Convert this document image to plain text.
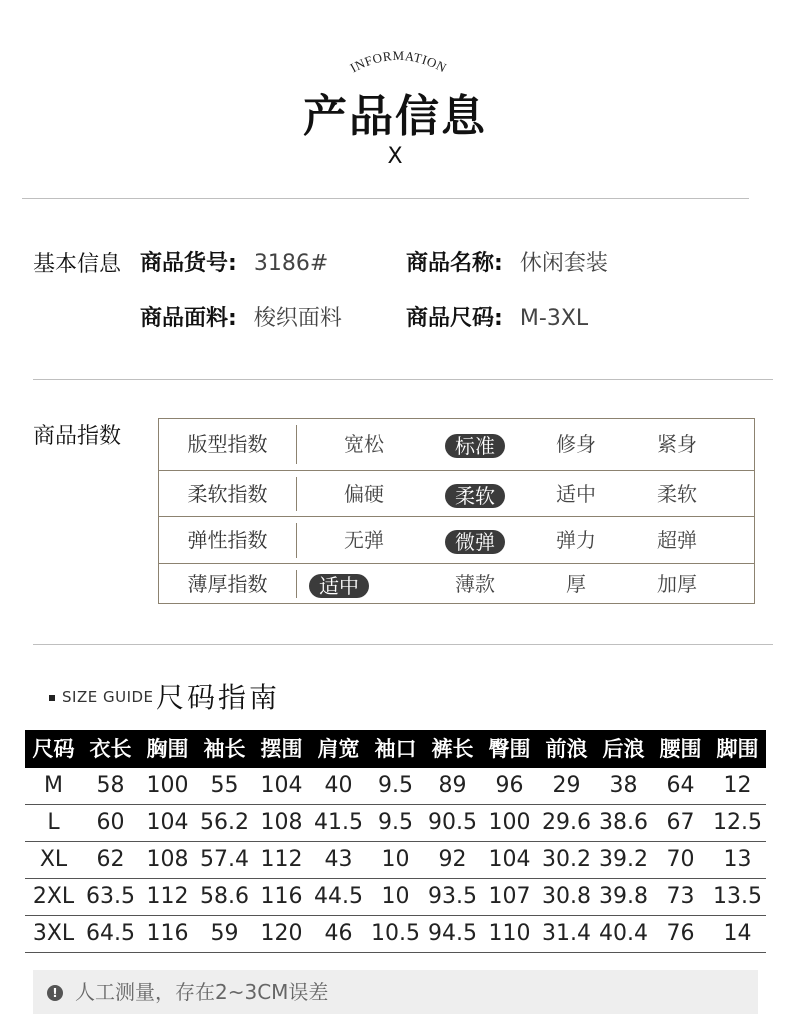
INFORMATION
产品信息
X
基本信息 商品货号: 3186#	商品名称: 休闲套装
商品面料: 梭织面料	商品尺码: M-3XL
商品指数	版型指数	宽松	标准	修身	紧身
柔软指数	偏硬	柔软	适中	柔软
弹性指数	无弹	微弹	弹力	超弹
薄厚指数	适中	薄款	厚	加厚
SIZE GUIDE 尺码指南
尺码 衣长 胸围 袖长 摆围 肩宽 袖口 裤长 臀围 前浪 后浪 腰围 脚围
M	58	100	55	104	40	9.5	89	96	29	38	64	12
L	60	104 56.2 108 41.5 9.5 90.5 100 29.6 38.6 67 12.5
XL	62	108 57.4 112	43	10	92	104 30.2 39.2 70	13
2XL 63.5 112 58.6 116 44.5 10 93.5 107 30.8 39.8 73 13.5
3XL 64.5 116	59	120	46 10.5 94.5 110 31.4 40.4 76	14
! 人工测量，存在2~3CM误差
